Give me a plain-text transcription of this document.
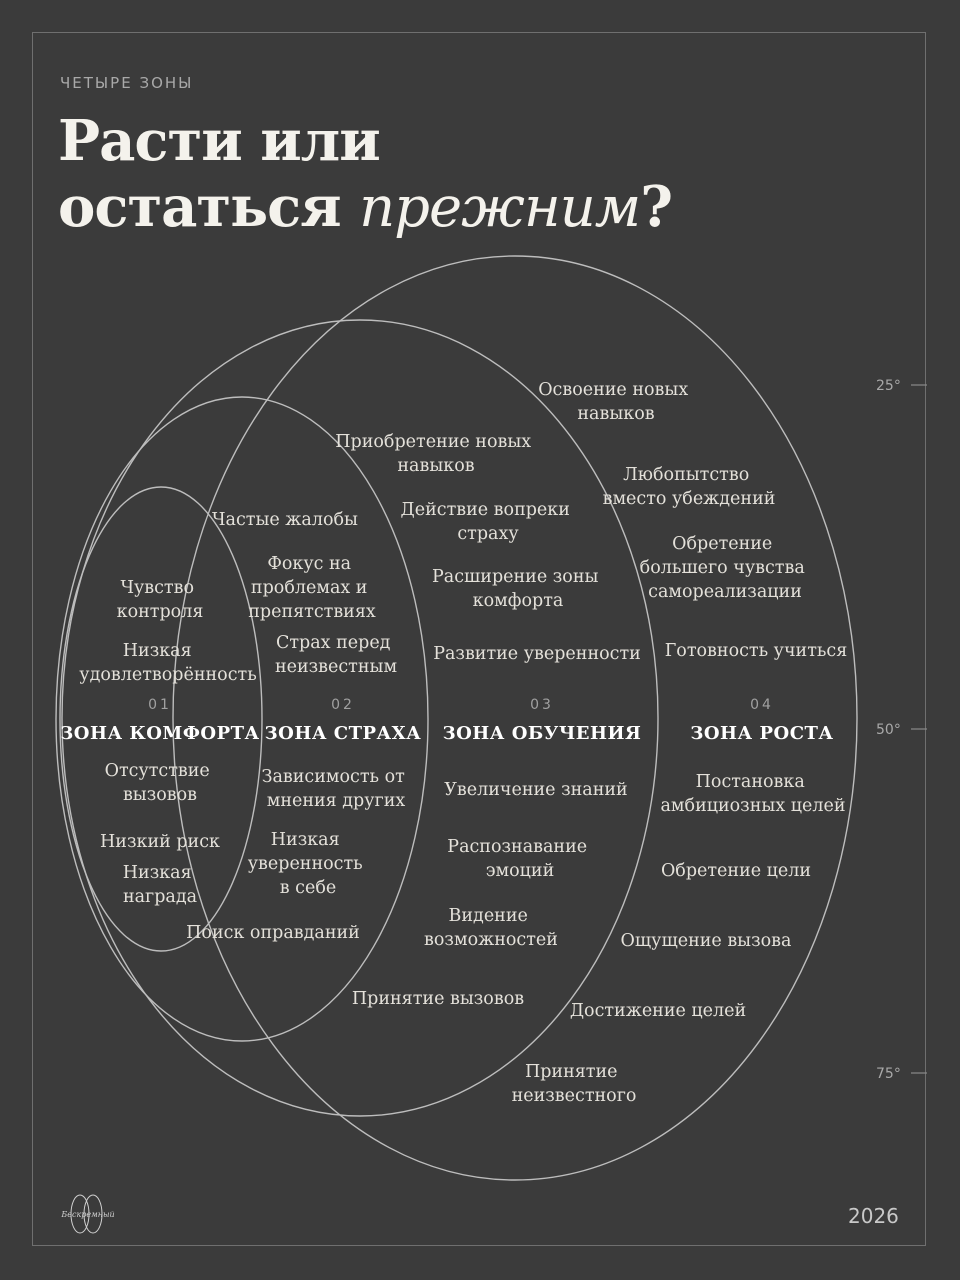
ЧЕТЫРЕ ЗОНЫ
Расти или
остаться прежним?
25°
50°
75°
Чувство контроля
Низкая удовлетворённость
01
ЗОНА КОМФОРТА
Отсутствие вызовов
Низкий риск
Низкая награда
Частые жалобы
Фокус на проблемах и препятствиях
Страх перед неизвестным
02
ЗОНА СТРАХА
Зависимость от мнения других
Низкая уверенность в себе
Поиск оправданий
Приобретение новых навыков
Действие вопреки страху
Расширение зоны комфорта
Развитие уверенности
03
ЗОНА ОБУЧЕНИЯ
Увеличение знаний
Распознавание эмоций
Видение возможностей
Принятие вызовов
Освоение новых навыков
Любопытство вместо убеждений
Обретение большего чувства самореализации
Готовность учиться
04
ЗОНА РОСТА
Постановка амбициозных целей
Обретение цели
Ощущение вызова
Достижение целей
Принятие неизвестного
Бескремный	2026
